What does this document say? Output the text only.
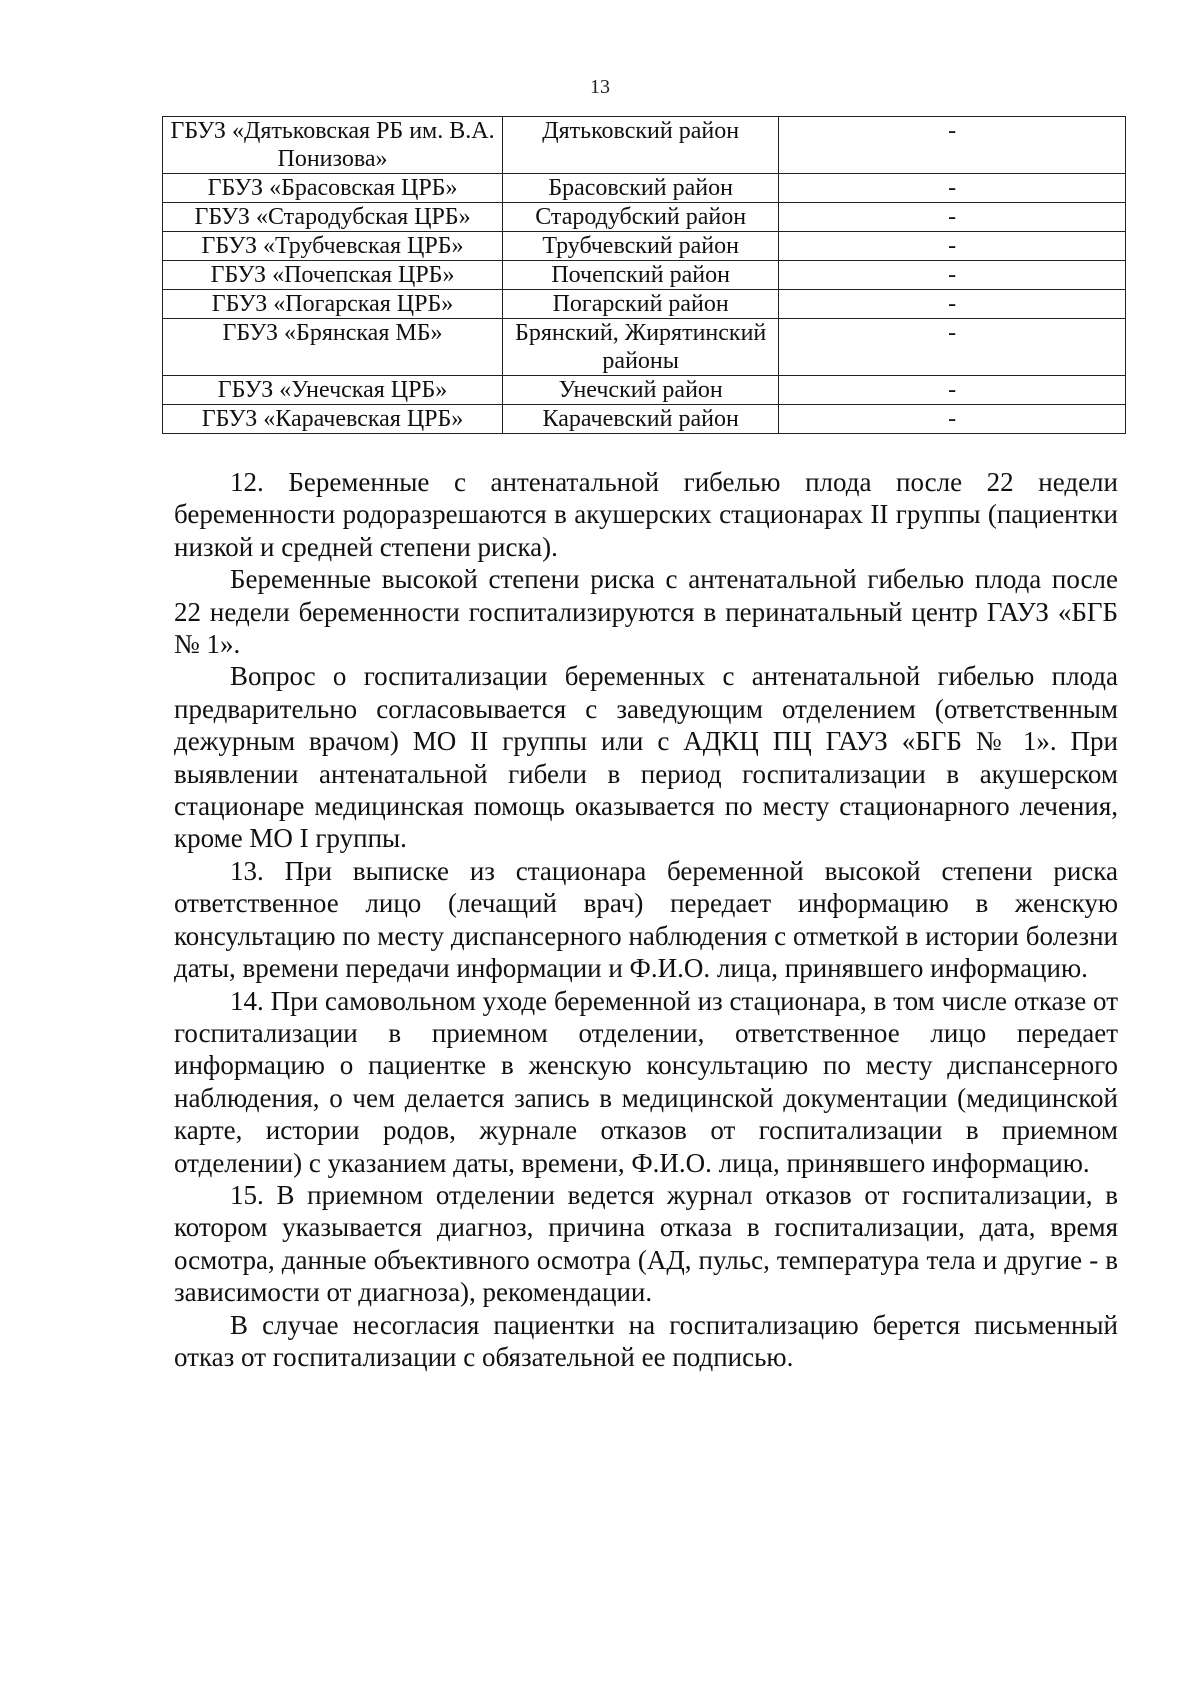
13
ГБУЗ «Дятьковская РБ им. В.А. Понизова»	Дятьковский район	-
ГБУЗ «Брасовская ЦРБ»	Брасовский район	-
ГБУЗ «Стародубская ЦРБ»	Стародубский район	-
ГБУЗ «Трубчевская ЦРБ»	Трубчевский район	-
ГБУЗ «Почепская ЦРБ»	Почепский район	-
ГБУЗ «Погарская ЦРБ»	Погарский район	-
ГБУЗ «Брянская МБ»	Брянский, Жирятинский районы	-
ГБУЗ «Унечская ЦРБ»	Унечский район	-
ГБУЗ «Карачевская ЦРБ»	Карачевский район	-

12. Беременные с антенатальной гибелью плода после 22 недели беременности родоразрешаются в акушерских стационарах II группы (пациентки низкой и средней степени риска).

Беременные высокой степени риска с антенатальной гибелью плода после 22 недели беременности госпитализируются в перинатальный центр ГАУЗ «БГБ № 1».

Вопрос о госпитализации беременных с антенатальной гибелью плода предварительно согласовывается с заведующим отделением (ответственным дежурным врачом) МО II группы или с АДКЦ ПЦ ГАУЗ «БГБ № 1». При выявлении антенатальной гибели в период госпитализации в акушерском стационаре медицинская помощь оказывается по месту стационарного лечения, кроме МО I группы.

13. При выписке из стационара беременной высокой степени риска ответственное лицо (лечащий врач) передает информацию в женскую консультацию по месту диспансерного наблюдения с отметкой в истории болезни даты, времени передачи информации и Ф.И.О. лица, принявшего информацию.

14. При самовольном уходе беременной из стационара, в том числе отказе от госпитализации в приемном отделении, ответственное лицо передает информацию о пациентке в женскую консультацию по месту диспансерного наблюдения, о чем делается запись в медицинской документации (медицинской карте, истории родов, журнале отказов от госпитализации в приемном отделении) с указанием даты, времени, Ф.И.О. лица, принявшего информацию.

15. В приемном отделении ведется журнал отказов от госпитализации, в котором указывается диагноз, причина отказа в госпитализации, дата, время осмотра, данные объективного осмотра (АД, пульс, температура тела и другие - в зависимости от диагноза), рекомендации.

В случае несогласия пациентки на госпитализацию берется письменный отказ от госпитализации с обязательной ее подписью.
